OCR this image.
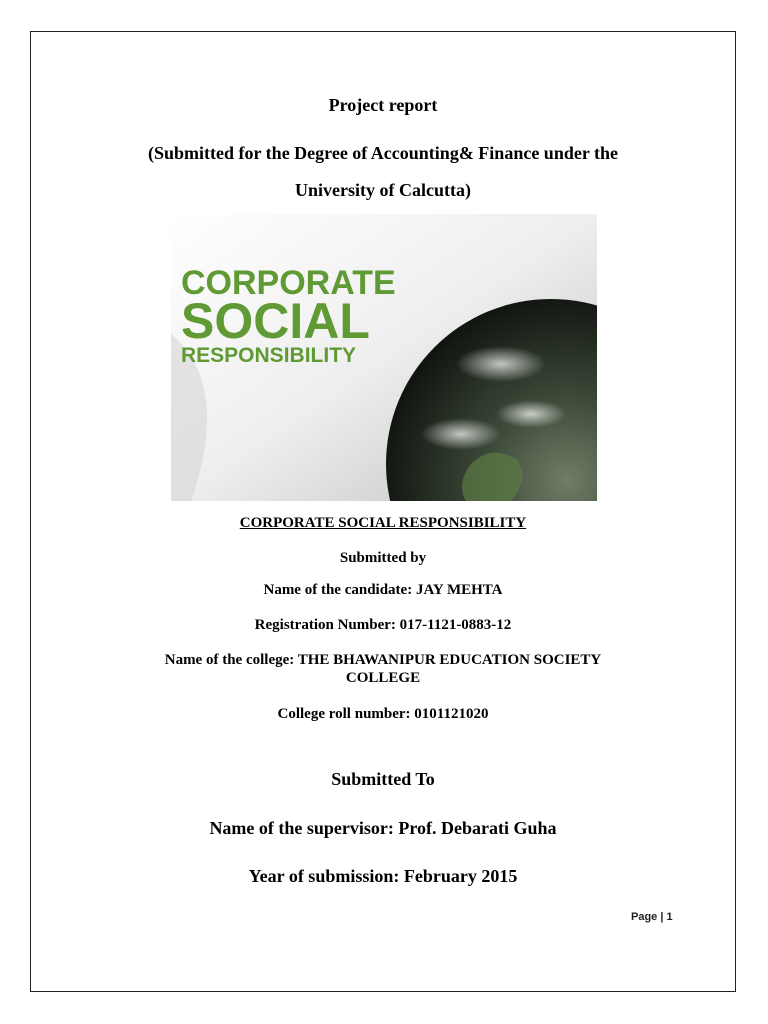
Project report
(Submitted for the Degree of Accounting& Finance under the
University of Calcutta)
CORPORATE
SOCIAL
RESPONSIBILITY
CORPORATE SOCIAL RESPONSIBILITY
Submitted by
Name of the candidate: JAY MEHTA
Registration Number: 017-1121-0883-12
Name of the college: THE BHAWANIPUR EDUCATION SOCIETY
COLLEGE
College roll number: 0101121020
Submitted To
Name of the supervisor: Prof. Debarati Guha
Year of submission: February 2015
Page | 1
